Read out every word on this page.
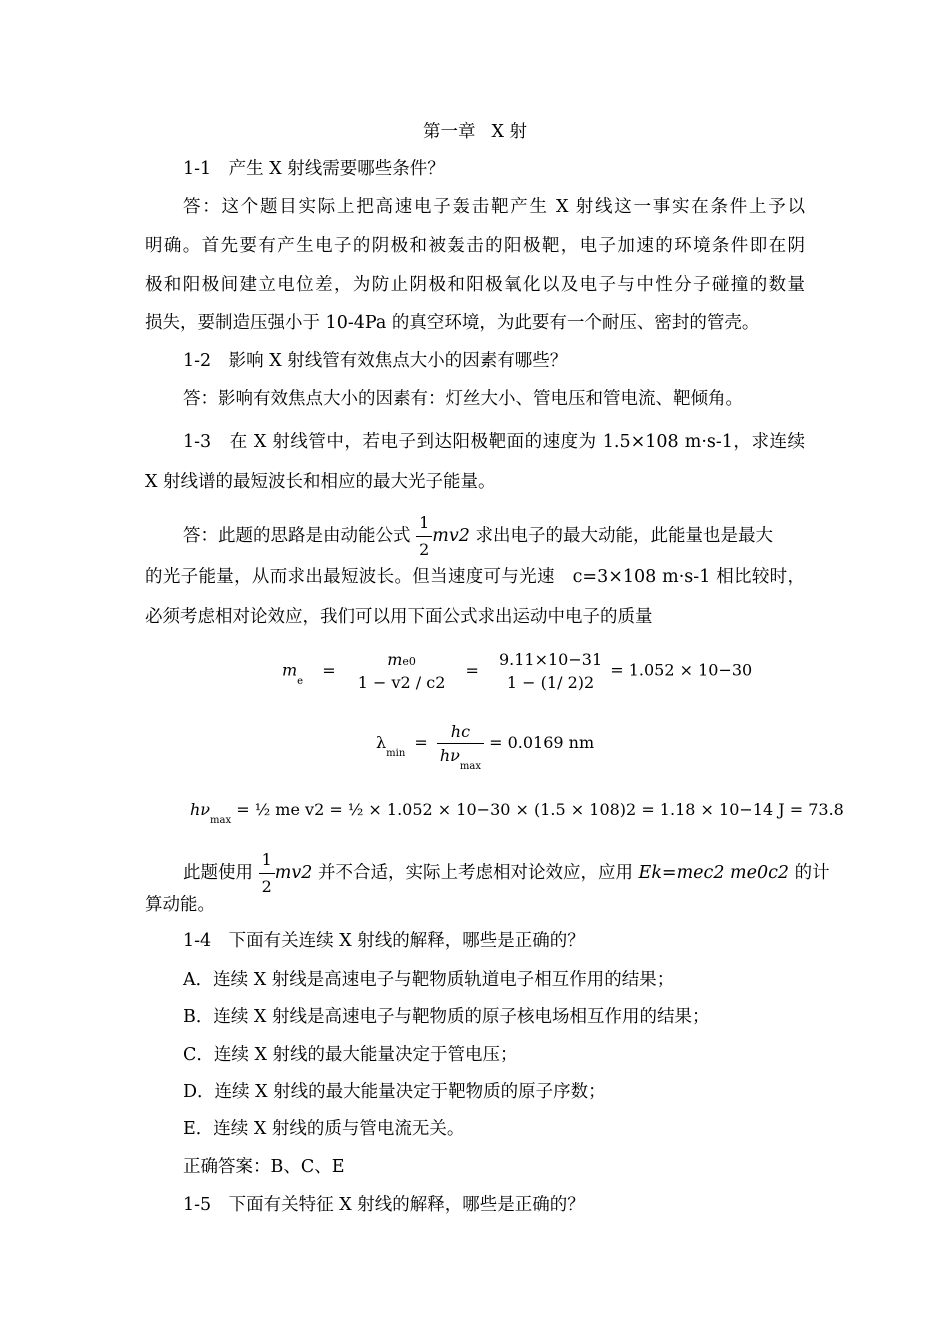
第一章 X 射
1-1　产生 X 射线需要哪些条件？
答：这个题目实际上把高速电子轰击靶产生 X 射线这一事实在条件上予以
明确。首先要有产生电子的阴极和被轰击的阳极靶，电子加速的环境条件即在阴
极和阳极间建立电位差，为防止阴极和阳极氧化以及电子与中性分子碰撞的数量
损失，要制造压强小于 10-4Pa 的真空环境，为此要有一个耐压、密封的管壳。
1-2　影响 X 射线管有效焦点大小的因素有哪些？
答：影响有效焦点大小的因素有：灯丝大小、管电压和管电流、靶倾角。
1-3　在 X 射线管中，若电子到达阳极靶面的速度为 1.5×108 m·s-1，求连续
X 射线谱的最短波长和相应的最大光子能量。
答：此题的思路是由动能公式 $\frac{1}{2} mv2$ 求出电子的最大动能，此能量也是最大
的光子能量，从而求出最短波长。但当速度可与光速　c=3×108 m·s-1 相比较时，
必须考虑相对论效应，我们可以用下面公式求出运动中电子的质量
$m_e$ =
me0
1 − v2 / c2
=
9.11×10−31
1 − (1/ 2)2
= 1.052 × 10−30
$\lambda_{min} = \frac{hc}{h\nu_{max}} = 0.0169$ nm
$h\nu_{max}$ = ½ me v2 = ½ × 1.052 × 10−30 × (1.5 × 108)2 = 1.18 × 10−14 J = 73.8
此题使用 $\frac{1}{2} mv2$ 并不合适，实际上考虑相对论效应，应用 Ek=mec2 me0c2 的计
算动能。
1-4　下面有关连续 X 射线的解释，哪些是正确的？
A．连续 X 射线是高速电子与靶物质轨道电子相互作用的结果；
B．连续 X 射线是高速电子与靶物质的原子核电场相互作用的结果；
C．连续 X 射线的最大能量决定于管电压；
D．连续 X 射线的最大能量决定于靶物质的原子序数；
E．连续 X 射线的质与管电流无关。
正确答案：B、C、E
1-5　下面有关特征 X 射线的解释，哪些是正确的？
